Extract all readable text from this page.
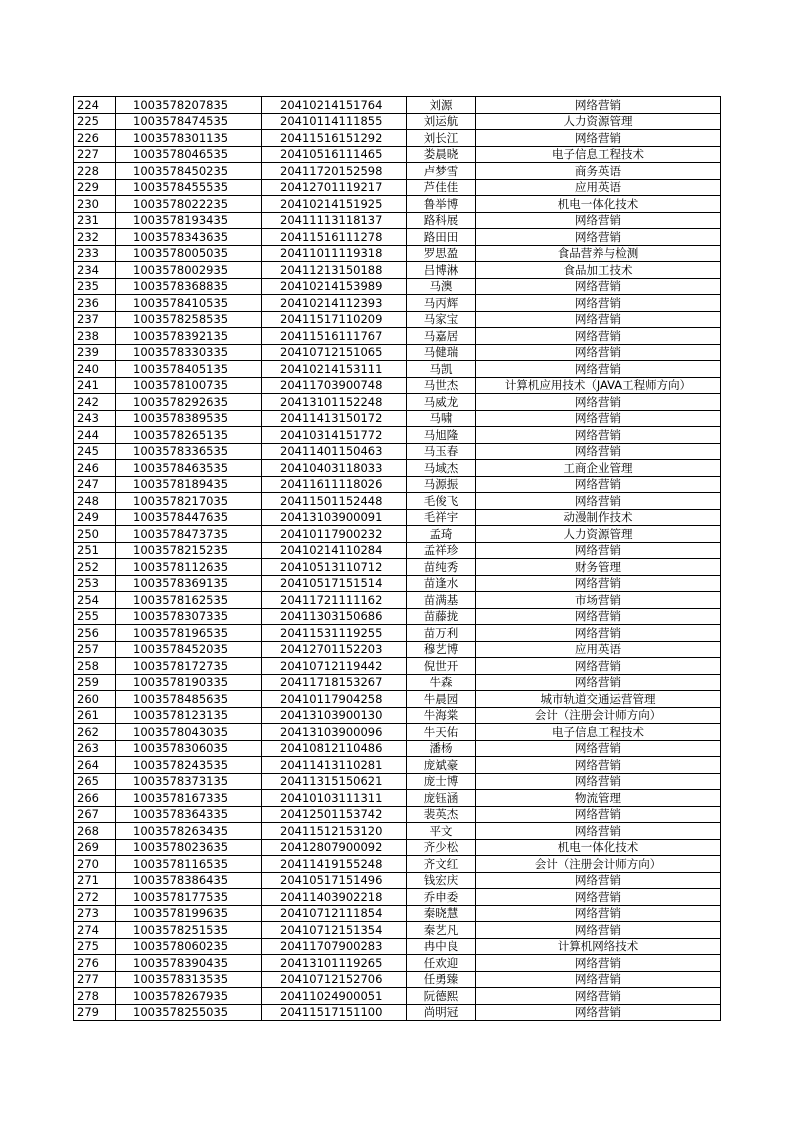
224	1003578207835	20410214151764	刘源	网络营销
225	1003578474535	20410114111855	刘运航	人力资源管理
226	1003578301135	20411516151292	刘长江	网络营销
227	1003578046535	20410516111465	娄晨晓	电子信息工程技术
228	1003578450235	20411720152598	卢梦雪	商务英语
229	1003578455535	20412701119217	芦佳佳	应用英语
230	1003578022235	20410214151925	鲁举博	机电一体化技术
231	1003578193435	20411113118137	路科展	网络营销
232	1003578343635	20411516111278	路田田	网络营销
233	1003578005035	20411011119318	罗思盈	食品营养与检测
234	1003578002935	20411213150188	吕博淋	食品加工技术
235	1003578368835	20410214153989	马澳	网络营销
236	1003578410535	20410214112393	马丙辉	网络营销
237	1003578258535	20411517110209	马家宝	网络营销
238	1003578392135	20411516111767	马嘉居	网络营销
239	1003578330335	20410712151065	马健瑞	网络营销
240	1003578405135	20410214153111	马凯	网络营销
241	1003578100735	20411703900748	马世杰	计算机应用技术（JAVA工程师方向）
242	1003578292635	20413101152248	马威龙	网络营销
243	1003578389535	20411413150172	马啸	网络营销
244	1003578265135	20410314151772	马旭隆	网络营销
245	1003578336535	20411401150463	马玉春	网络营销
246	1003578463535	20410403118033	马域杰	工商企业管理
247	1003578189435	20411611118026	马源振	网络营销
248	1003578217035	20411501152448	毛俊飞	网络营销
249	1003578447635	20413103900091	毛祥宇	动漫制作技术
250	1003578473735	20410117900232	孟琦	人力资源管理
251	1003578215235	20410214110284	孟祥珍	网络营销
252	1003578112635	20410513110712	苗纯秀	财务管理
253	1003578369135	20410517151514	苗逢水	网络营销
254	1003578162535	20411721111162	苗满基	市场营销
255	1003578307335	20411303150686	苗藤拢	网络营销
256	1003578196535	20411531119255	苗万利	网络营销
257	1003578452035	20412701152203	穆艺博	应用英语
258	1003578172735	20410712119442	倪世开	网络营销
259	1003578190335	20411718153267	牛森	网络营销
260	1003578485635	20410117904258	牛晨园	城市轨道交通运营管理
261	1003578123135	20413103900130	牛海棠	会计（注册会计师方向）
262	1003578043035	20413103900096	牛天佑	电子信息工程技术
263	1003578306035	20410812110486	潘杨	网络营销
264	1003578243535	20411413110281	庞斌豪	网络营销
265	1003578373135	20411315150621	庞士博	网络营销
266	1003578167335	20410103111311	庞钰涵	物流管理
267	1003578364335	20412501153742	裴英杰	网络营销
268	1003578263435	20411512153120	平文	网络营销
269	1003578023635	20412807900092	齐少松	机电一体化技术
270	1003578116535	20411419155248	齐文红	会计（注册会计师方向）
271	1003578386435	20410517151496	钱宏庆	网络营销
272	1003578177535	20411403902218	乔申委	网络营销
273	1003578199635	20410712111854	秦晓慧	网络营销
274	1003578251535	20410712151354	秦艺凡	网络营销
275	1003578060235	20411707900283	冉中良	计算机网络技术
276	1003578390435	20413101119265	任欢迎	网络营销
277	1003578313535	20410712152706	任勇臻	网络营销
278	1003578267935	20411024900051	阮德熙	网络营销
279	1003578255035	20411517151100	尚明冠	网络营销
